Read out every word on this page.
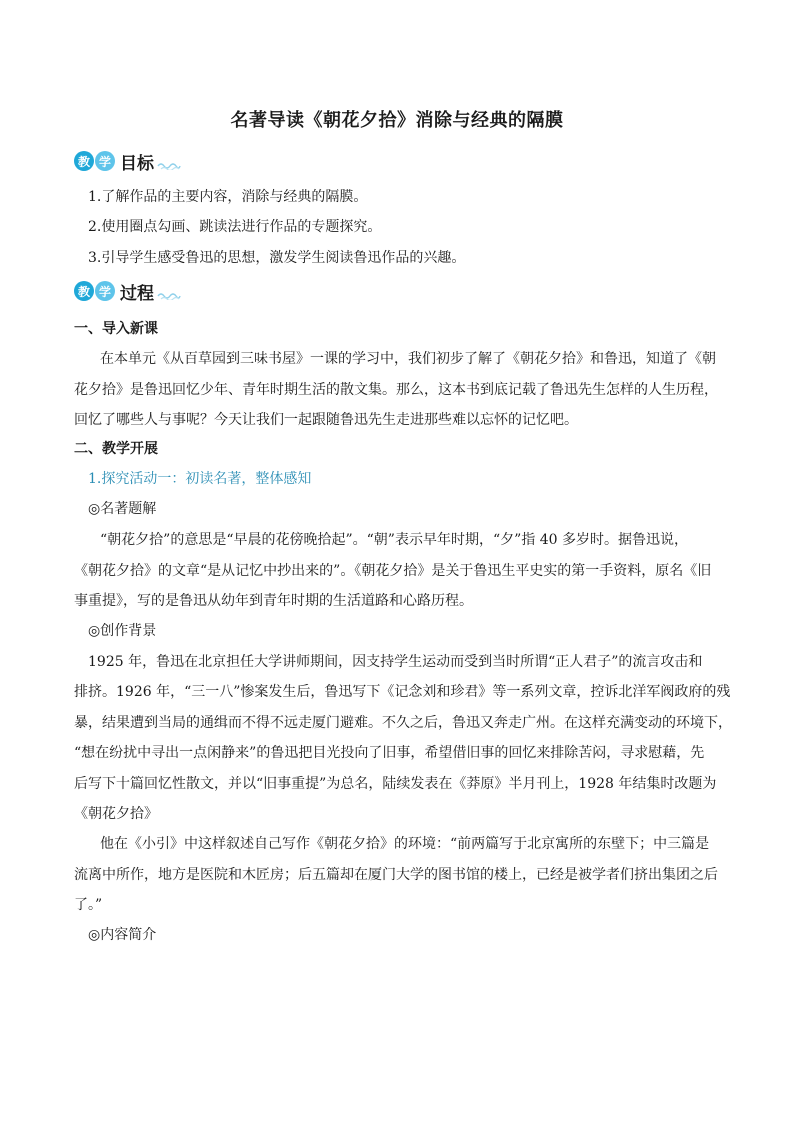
名著导读《朝花夕拾》消除与经典的隔膜
教 学 目标
1.了解作品的主要内容，消除与经典的隔膜。
2.使用圈点勾画、跳读法进行作品的专题探究。
3.引导学生感受鲁迅的思想，激发学生阅读鲁迅作品的兴趣。
教 学 过程
一、导入新课
在本单元《从百草园到三味书屋》一课的学习中，我们初步了解了《朝花夕拾》和鲁迅，知道了《朝
花夕拾》是鲁迅回忆少年、青年时期生活的散文集。那么，这本书到底记载了鲁迅先生怎样的人生历程，
回忆了哪些人与事呢？今天让我们一起跟随鲁迅先生走进那些难以忘怀的记忆吧。
二、教学开展
1.探究活动一：初读名著，整体感知
◎名著题解
“朝花夕拾”的意思是“早晨的花傍晚拾起”。“朝”表示早年时期，“夕”指 40 多岁时。据鲁迅说，
《朝花夕拾》的文章“是从记忆中抄出来的”。《朝花夕拾》是关于鲁迅生平史实的第一手资料，原名《旧
事重提》，写的是鲁迅从幼年到青年时期的生活道路和心路历程。
◎创作背景
1925 年，鲁迅在北京担任大学讲师期间，因支持学生运动而受到当时所谓“正人君子”的流言攻击和
排挤。1926 年，“三一八”惨案发生后，鲁迅写下《记念刘和珍君》等一系列文章，控诉北洋军阀政府的残
暴，结果遭到当局的通缉而不得不远走厦门避难。不久之后，鲁迅又奔走广州。在这样充满变动的环境下，
“想在纷扰中寻出一点闲静来”的鲁迅把目光投向了旧事，希望借旧事的回忆来排除苦闷，寻求慰藉，先
后写下十篇回忆性散文，并以“旧事重提”为总名，陆续发表在《莽原》半月刊上，1928 年结集时改题为
《朝花夕拾》
他在《小引》中这样叙述自己写作《朝花夕拾》的环境：“前两篇写于北京寓所的东壁下；中三篇是
流离中所作，地方是医院和木匠房；后五篇却在厦门大学的图书馆的楼上，已经是被学者们挤出集团之后
了。”
◎内容简介
